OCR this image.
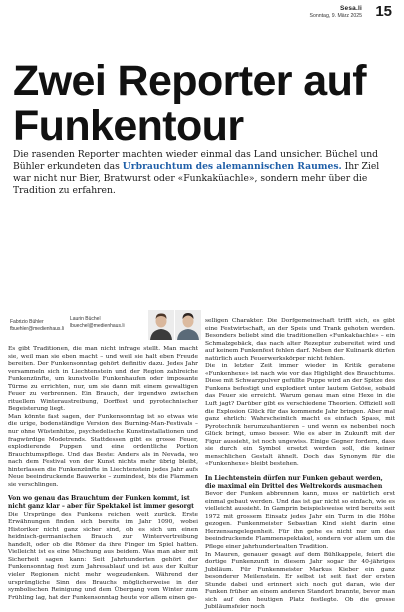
Sesa.li
Sonntag, 9. März 2025 15
Zwei Reporter auf Funkentour

Die rasenden Reporter machten wieder einmal das Land unsicher. Büchel und Bühler erkundeten das Urbrauchtum des alemannischen Raumes. Ihr Ziel war nicht nur Bier, Bratwurst oder «Funkaküachle», sondern mehr über die Tradition zu erfahren.

Fabrizio Bühler
fbuehler@medienhaus.li
Laurin Büchel
lbuechel@medienhaus.li

Es gibt Traditionen, die man nicht infrage stellt. Man macht sie, weil man sie eben macht – und weil sie halt eben Freude bereiten. Der Funkensonntag gehört definitiv dazu. Jedes Jahr versammeln sich in Liechtenstein und der Region zahlreiche Funkenzünfte, um kunstvolle Funkenhaufen oder imposante Türme zu errichten, nur, um sie dann mit einem gewaltigen Feuer zu verbrennen. Ein Brauch, der irgendwo zwischen rituellem Winteraustreibung, Dorffest und pyrotechnischer Begeisterung liegt.

Man könnte fast sagen, der Funkensonntag ist so etwas wie die urige, bodenständige Version des Burning-Man-Festivals – nur ohne Wüstenhitze, psychedelische Kunstinstallationen und fragwürdige Modetrends. Stattdessen gibt es grosse Feuer, explodierende Puppen und eine ordentliche Portion Brauchtumspflege. Und das Beste: Anders als in Nevada, wo nach dem Festival von der Kunst nichts mehr übrig bleibt, hinterlassen die Funkenzünfte in Liechtenstein jedes Jahr aufs Neue beeindruckende Bauwerke – zumindest, bis die Flammen sie verschlingen.

Von wo genau das Brauchtum der Funken kommt, ist nicht ganz klar – aber für Spektakel ist immer gesorgt

Die Ursprünge des Funkens reichen weit zurück. Erste Erwähnungen finden sich bereits im Jahr 1090, wobei Historiker nicht ganz sicher sind, ob es sich um einen heidnisch-germanischen Brauch zur Wintervertreibung handelt, oder ob die Römer da ihre Finger im Spiel hatten. Vielleicht ist es eine Mischung aus beidem. Was man aber mit Sicherheit sagen kann: Seit Jahrhunderten gehört der Funkensonntag fest zum Jahresablauf und ist aus der Kultur vieler Regionen nicht mehr wegzudenken. Während der ursprüngliche Sinn des Brauchs möglicherweise in der symbolischen Reinigung und dem Übergang vom Winter zum Frühling lag, hat der Funkensonntag heute vor allem einen ge-

selligen Charakter. Die Dorfgemeinschaft trifft sich, es gibt eine Festwirtschaft, an der Speis und Trank gehoten werden. Besonders beliebt sind die traditionellen «Funkaküachle» – ein Schmalzgebäck, das nach alter Rezeptur zubereitet wird und auf keinem Funkenfest fehlen darf. Neben der Kulinarik dürfen natürlich auch Feuerwerkskörper nicht fehlen.

Die in letzter Zeit immer wieder in Kritik geratene «Funkenhexe» ist nach wie vor das Highlight des Brauchtums. Diese mit Schwarzpulver gefüllte Puppe wird an der Spitze des Funkens befestigt und explodiert unter lautem Getöse, sobald das Feuer sie erreicht. Warum genau man eine Hexe in die Luft jagt? Darüber gibt es verschiedene Theorien. Offiziell soll die Explosion Glück für das kommende Jahr bringen. Aber mal ganz ehrlich: Wahrscheinlich macht es einfach Spass, mit Pyrotechnik herumzuhantieren – und wenn es nebenbei noch Glück bringt, umso besser. Wie es aber in Zukunft mit der Figur aussieht, ist noch ungewiss. Einige Gegner fordern, dass sie durch ein Symbol ersetzt werden soll, die keiner menschlichen Gestalt ähnelt. Doch das Synonym für die «Funkenhexe» bleibt bestehen.

In Liechtenstein dürfen nur Funken gebaut werden, die maximal ein Drittel des Weltrekords ausmachen

Bevor der Funken abbrennen kann, muss er natürlich erst einmal gebaut werden. Und das ist gar nicht so einfach, wie es vielleicht aussieht. In Gamprin beispielsweise wird bereits seit 1972 mit grossem Einsatz jedes Jahr ein Turm in die Höhe gezogen. Funkenmeister Sebastian Kind sieht darin eine Herzensangelegenheit. Für ihn gehe es nicht nur um das beeindruckende Flammenspektakel, sondern vor allem um die Pflege einer jahrhundertealten Tradition.

In Mauren, genauer gesagt auf dem Bühlkappele, feiert die dortige Funkenzunft in diesem Jahr sogar ihr 40-jähriges Jubiläum. Für Funkenmeister Markus Kieber ein ganz besonderer Meilenstein. Er selbst ist seit fast der ersten Stunde dabei und erinnert sich noch gut daran, wie der Funken früher an einem anderen Standort brannte, bevor man sich auf den heutigen Platz festlegte. Ob die grosse Jubiläumsfeier noch
